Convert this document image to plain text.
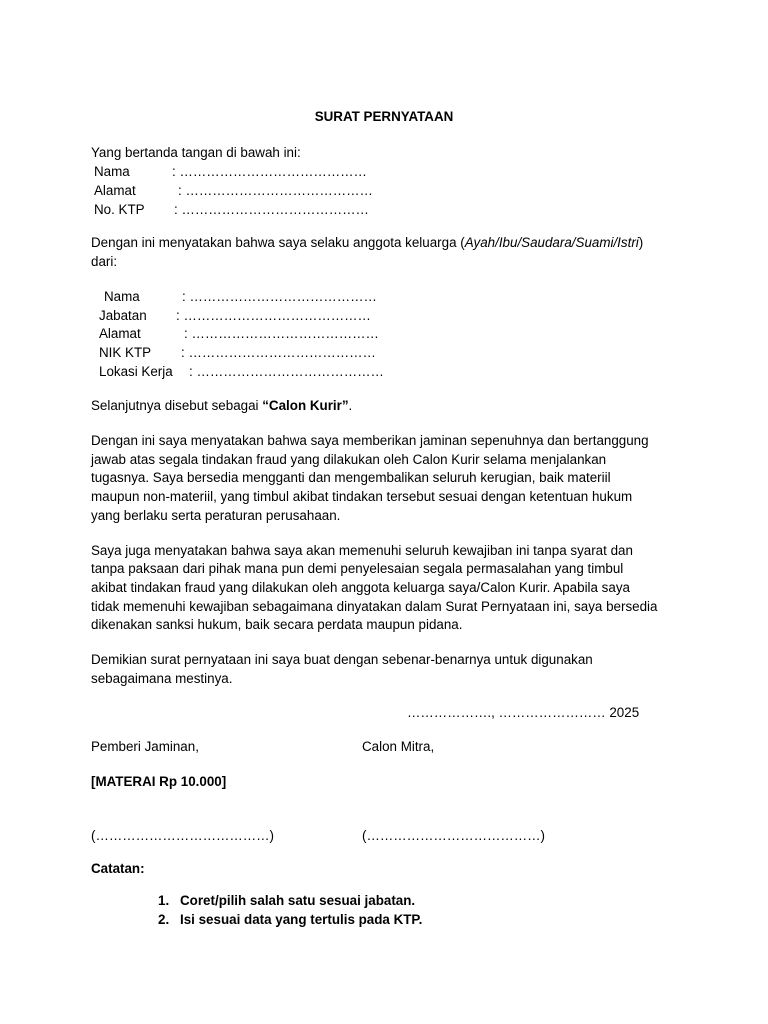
SURAT PERNYATAAN
Yang bertanda tangan di bawah ini:
Nama	: ……………………………………
Alamat	: ……………………………………
No. KTP : ……………………………………
Dengan ini menyatakan bahwa saya selaku anggota keluarga (Ayah/Ibu/Saudara/Suami/Istri)
dari:
Nama	: ……………………………………
Jabatan : ……………………………………
Alamat	: ……………………………………
NIK KTP : ……………………………………
Lokasi Kerja : ……………………………………
Selanjutnya disebut sebagai “Calon Kurir”.
Dengan ini saya menyatakan bahwa saya memberikan jaminan sepenuhnya dan bertanggung
jawab atas segala tindakan fraud yang dilakukan oleh Calon Kurir selama menjalankan
tugasnya. Saya bersedia mengganti dan mengembalikan seluruh kerugian, baik materiil
maupun non-materiil, yang timbul akibat tindakan tersebut sesuai dengan ketentuan hukum
yang berlaku serta peraturan perusahaan.
Saya juga menyatakan bahwa saya akan memenuhi seluruh kewajiban ini tanpa syarat dan
tanpa paksaan dari pihak mana pun demi penyelesaian segala permasalahan yang timbul
akibat tindakan fraud yang dilakukan oleh anggota keluarga saya/Calon Kurir. Apabila saya
tidak memenuhi kewajiban sebagaimana dinyatakan dalam Surat Pernyataan ini, saya bersedia
dikenakan sanksi hukum, baik secara perdata maupun pidana.
Demikian surat pernyataan ini saya buat dengan sebenar-benarnya untuk digunakan
sebagaimana mestinya.
………………., …………………… 2025
Pemberi Jaminan,	Calon Mitra,
[MATERAI Rp 10.000]
(…………………………………)	(…………………………………)
Catatan:
1. Coret/pilih salah satu sesuai jabatan.
2. Isi sesuai data yang tertulis pada KTP.
